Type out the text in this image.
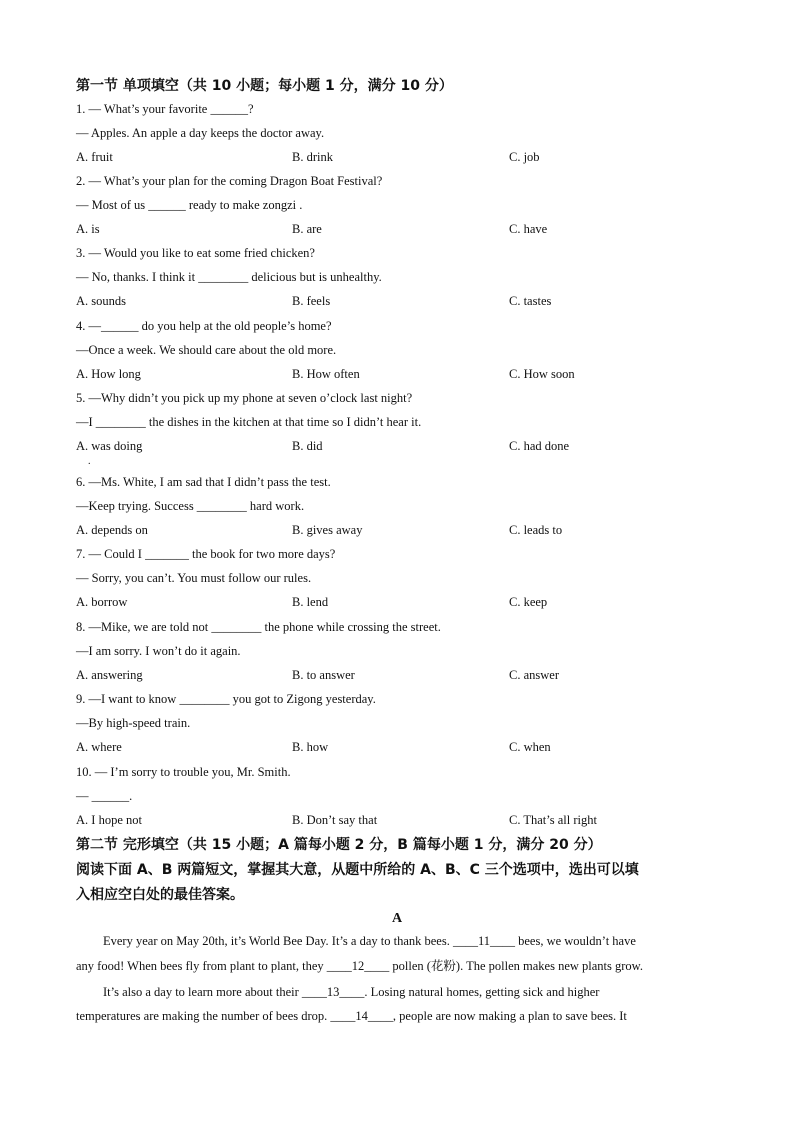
第一节 单项填空（共 10 小题；每小题 1 分，满分 10 分）
1. — What’s your favorite ______?
— Apples. An apple a day keeps the doctor away.
A. fruit	B. drink	C. job
2. — What’s your plan for the coming Dragon Boat Festival?
— Most of us ______ ready to make zongzi .
A. is	B. are	C. have
3. — Would you like to eat some fried chicken?
— No, thanks. I think it ________ delicious but is unhealthy.
A. sounds	B. feels	C. tastes
4. —______ do you help at the old people’s home?
—Once a week. We should care about the old more.
A. How long	B. How often	C. How soon
5. —Why didn’t you pick up my phone at seven o’clock last night?
—I ________ the dishes in the kitchen at that time so I didn’t hear it.
A. was doing	B. did	C. had done
6. —Ms. White, I am sad that I didn’t pass the test.
—Keep trying. Success ________ hard work.
A. depends on	B. gives away	C. leads to
7. — Could I _______ the book for two more days?
— Sorry, you can’t. You must follow our rules.
A. borrow	B. lend	C. keep
8. —Mike, we are told not ________ the phone while crossing the street.
—I am sorry. I won’t do it again.
A. answering	B. to answer	C. answer
9. —I want to know ________ you got to Zigong yesterday.
—By high-speed train.
A. where	B. how	C. when
10. — I’m sorry to trouble you, Mr. Smith.
— ______.
A. I hope not	B. Don’t say that	C. That’s all right
.
第二节 完形填空（共 15 小题；A 篇每小题 2 分，B 篇每小题 1 分，满分 20 分）
阅读下面 A、B 两篇短文，掌握其大意，从题中所给的 A、B、C 三个选项中，选出可以填
入相应空白处的最佳答案。
A
Every year on May 20th, it’s World Bee Day. It’s a day to thank bees. ____11____ bees, we wouldn’t have
any food! When bees fly from plant to plant, they ____12____ pollen (花粉). The pollen makes new plants grow.
It’s also a day to learn more about their ____13____. Losing natural homes, getting sick and higher
temperatures are making the number of bees drop. ____14____, people are now making a plan to save bees. It
